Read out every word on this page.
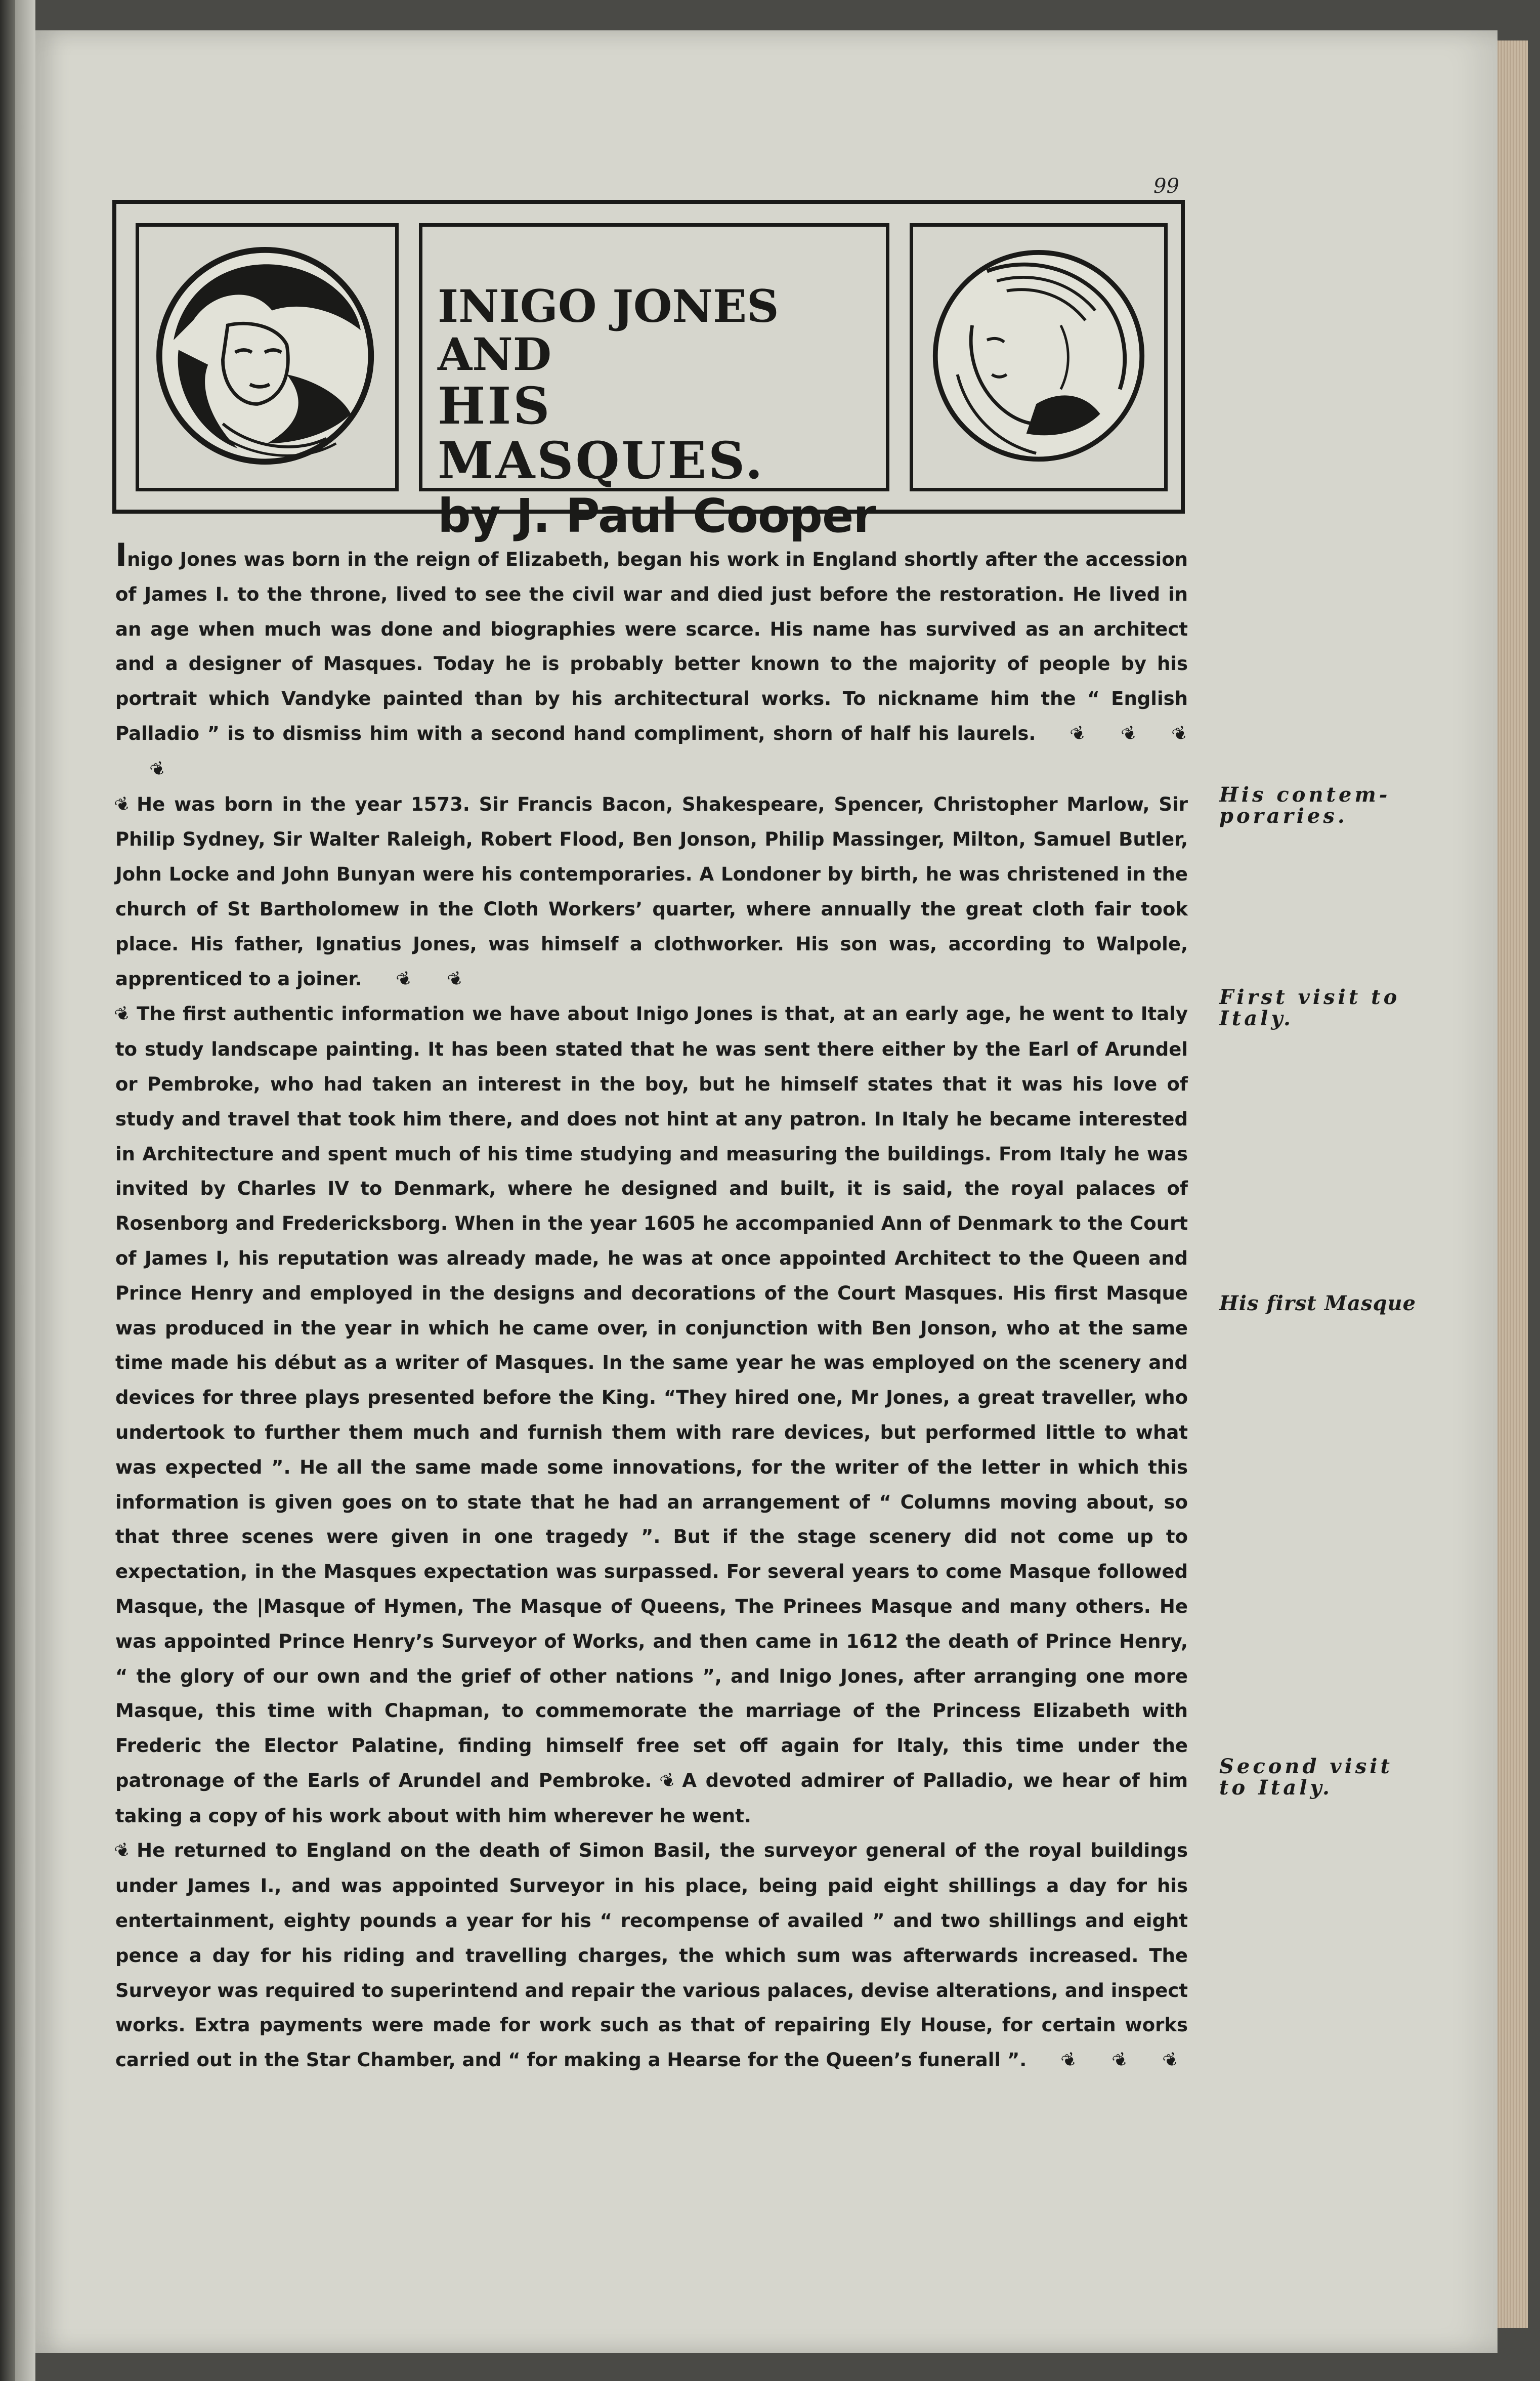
99
INIGO JONES AND
HIS MASQUES.
by J. Paul Cooper

Inigo Jones was born in the reign of Elizabeth, began his work in England shortly after the accession of James I. to the throne, lived to see the civil war and died just before the restoration. He lived in an age when much was done and biographies were scarce. His name has survived as an architect and a designer of Masques. Today he is probably better known to the majority of people by his portrait which Vandyke painted than by his architectural works. To nickname him the “ English Palladio ” is to dismiss him with a second hand compliment, shorn of half his laurels. ❦ ❦ ❦❦

❦ He was born in the year 1573. Sir Francis Bacon, Shakespeare, Spencer, Christopher Marlow, Sir Philip Sydney, Sir Walter Raleigh, Robert Flood, Ben Jonson, Philip Massinger, Milton, Samuel Butler, John Locke and John Bunyan were his contemporaries. A Londoner by birth, he was christened in the church of St Bartholomew in the Cloth Workers’ quarter, where annually the great cloth fair took place. His father, Ignatius Jones, was himself a clothworker. His son was, according to Walpole, apprenticed to a joiner. ❦ ❦

❦ The first authentic information we have about Inigo Jones is that, at an early age, he went to Italy to study landscape painting. It has been stated that he was sent there either by the Earl of Arundel or Pembroke, who had taken an interest in the boy, but he himself states that it was his love of study and travel that took him there, and does not hint at any patron. In Italy he became interested in Architecture and spent much of his time studying and measuring the buildings. From Italy he was invited by Charles IV to Denmark, where he designed and built, it is said, the royal palaces of Rosenborg and Fredericksborg. When in the year 1605 he accompanied Ann of Denmark to the Court of James I, his reputation was already made, he was at once appointed Architect to the Queen and Prince Henry and employed in the designs and decorations of the Court Masques. His first Masque was produced in the year in which he came over, in conjunction with Ben Jonson, who at the same time made his début as a writer of Masques. In the same year he was employed on the scenery and devices for three plays presented before the King. “They hired one, Mr Jones, a great traveller, who undertook to further them much and furnish them with rare devices, but performed little to what was expected ”. He all the same made some innovations, for the writer of the letter in which this information is given goes on to state that he had an arrangement of “ Columns moving about, so that three scenes were given in one tragedy ”. But if the stage scenery did not come up to expectation, in the Masques expectation was surpassed. For several years to come Masque followed Masque, the |Masque of Hymen, The Masque of Queens, The Prinees Masque and many others. He was appointed Prince Henry’s Surveyor of Works, and then came in 1612 the death of Prince Henry, “ the glory of our own and the grief of other nations ”, and Inigo Jones, after arranging one more Masque, this time with Chapman, to commemorate the marriage of the Princess Elizabeth with Frederic the Elector Palatine, finding himself free set off again for Italy, this time under the patronage of the Earls of Arundel and Pembroke. ❦ A devoted admirer of Palladio, we hear of him taking a copy of his work about with him wherever he went.

❦ He returned to England on the death of Simon Basil, the surveyor general of the royal buildings under James I., and was appointed Surveyor in his place, being paid eight shillings a day for his entertainment, eighty pounds a year for his “ recompense of availed ” and two shillings and eight pence a day for his riding and travelling charges, the which sum was afterwards increased. The Surveyor was required to superintend and repair the various palaces, devise alterations, and inspect works. Extra payments were made for work such as that of repairing Ely House, for certain works carried out in the Star Chamber, and “ for making a Hearse for the Queen’s funerall ”. ❦ ❦ ❦

His contem-poraries.
First visit to Italy.
His first Masque
Second visit to Italy.
